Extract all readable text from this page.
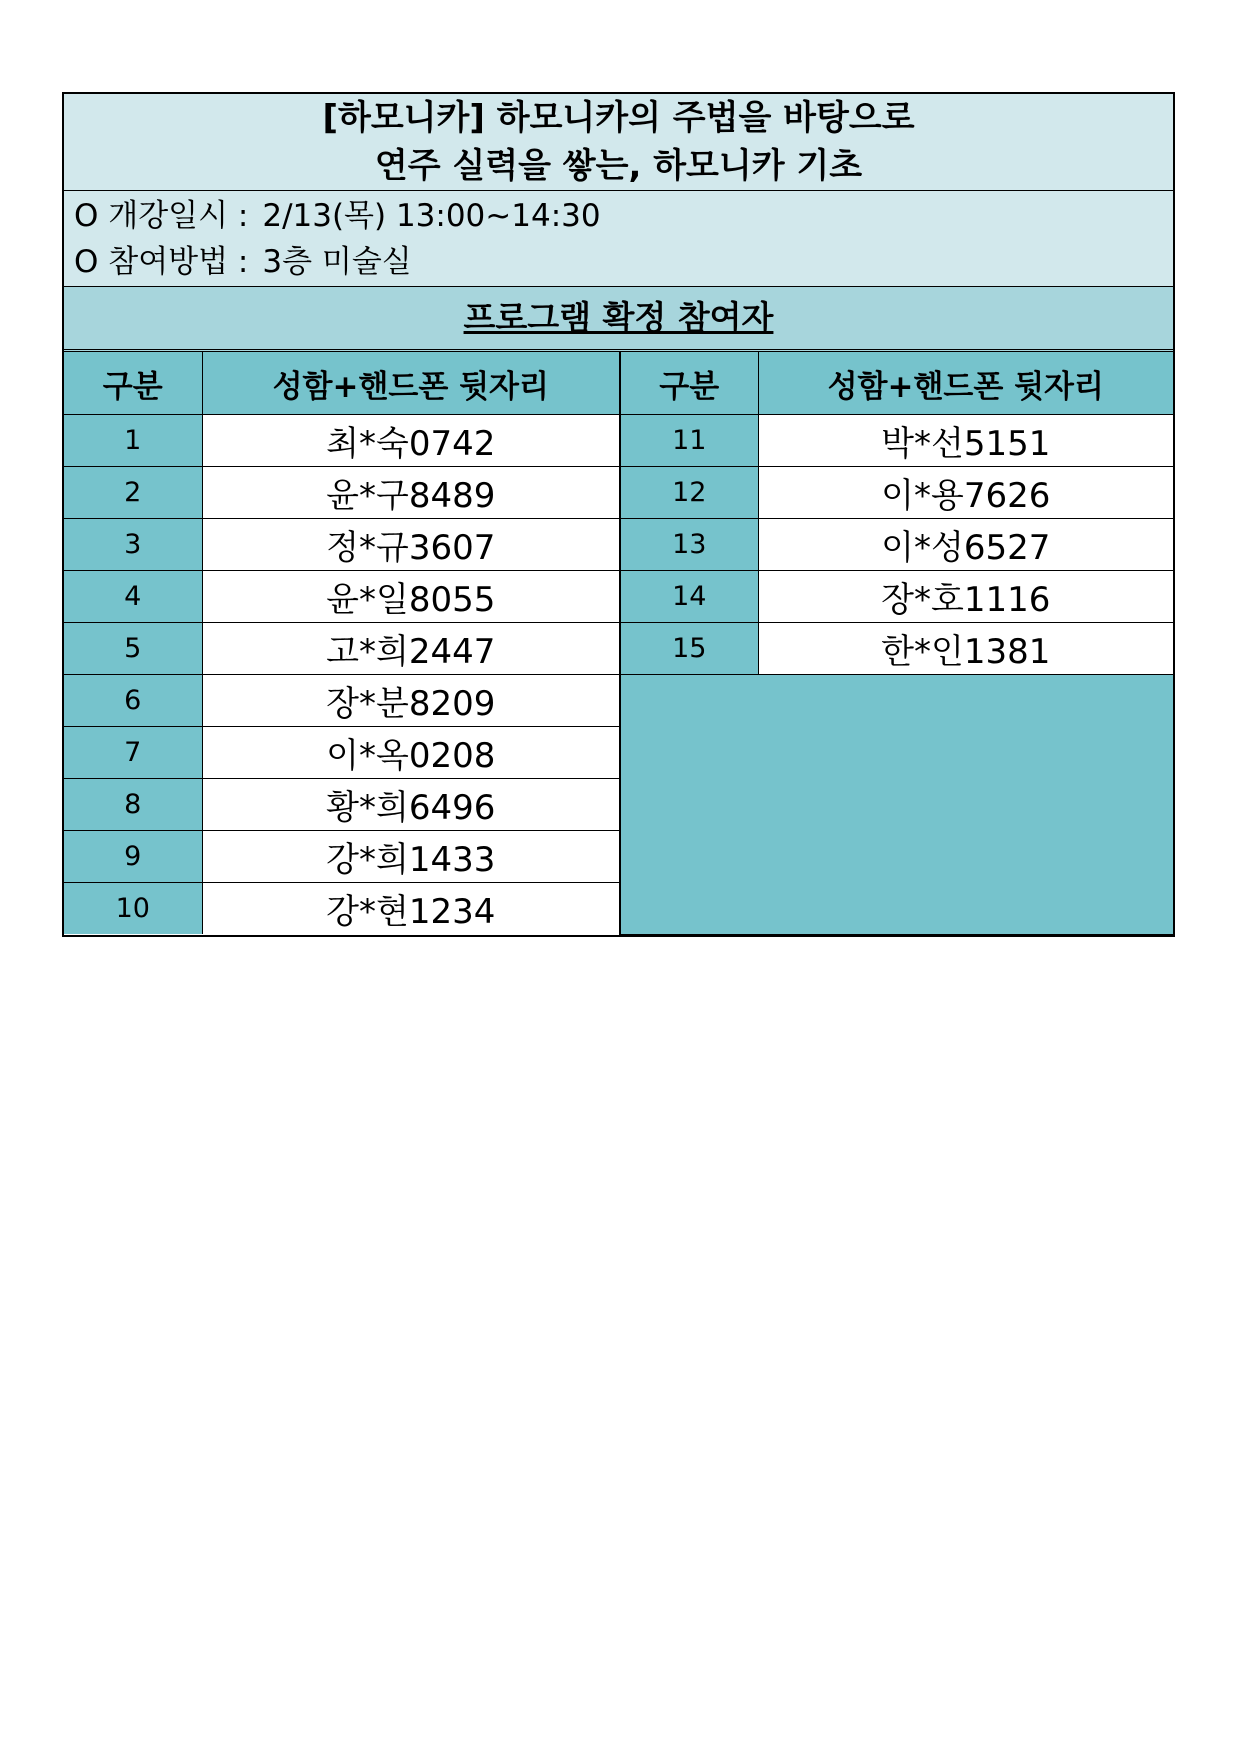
[하모니카] 하모니카의 주법을 바탕으로
연주 실력을 쌓는, 하모니카 기초
O 개강일시 : 2/13(목) 13:00~14:30
O 참여방법 : 3층 미술실
프로그램 확정 참여자
구분	성함+핸드폰 뒷자리	구분	성함+핸드폰 뒷자리
1	최*숙0742	11	박*선5151
2	윤*구8489	12	이*용7626
3	정*규3607	13	이*성6527
4	윤*일8055	14	장*호1116
5	고*희2447	15	한*인1381
6	장*분8209		
7	이*옥0208		
8	황*희6496		
9	강*희1433		
10	강*현1234		
